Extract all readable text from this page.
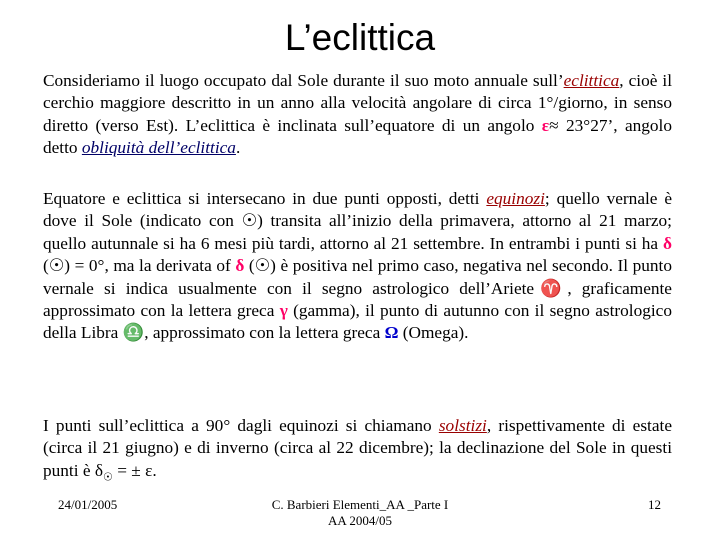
L’eclittica
Consideriamo il luogo occupato dal Sole durante il suo moto annuale sull’eclittica, cioè il cerchio maggiore descritto in un anno alla velocità angolare di circa 1°/giorno, in senso diretto (verso Est). L’eclittica è inclinata sull’equatore di un angolo ε≈ 23°27’, angolo detto obliquità dell’eclittica.
Equatore e eclittica si intersecano in due punti opposti, detti equinozi; quello vernale è dove il Sole (indicato con ☉) transita all’inizio della primavera, attorno al 21 marzo; quello autunnale si ha 6 mesi più tardi, attorno al 21 settembre. In entrambi i punti si ha δ (☉) = 0°, ma la derivata of δ (☉) è positiva nel primo caso, negativa nel secondo. Il punto vernale si indica usualmente con il segno astrologico dell’Ariete♈, graficamente approssimato con la lettera greca γ (gamma), il punto di autunno con il segno astrologico della Libra ♎, approssimato con la lettera greca Ω (Omega).
I punti sull’eclittica a 90° dagli equinozi si chiamano solstizi, rispettivamente di estate (circa il 21 giugno) e di inverno (circa al 22 dicembre); la declinazione del Sole in questi punti è $\delta_☉$ = ± ε.
24/01/2005	C. Barbieri Elementi_AA _Parte I
AA 2004/05
12
